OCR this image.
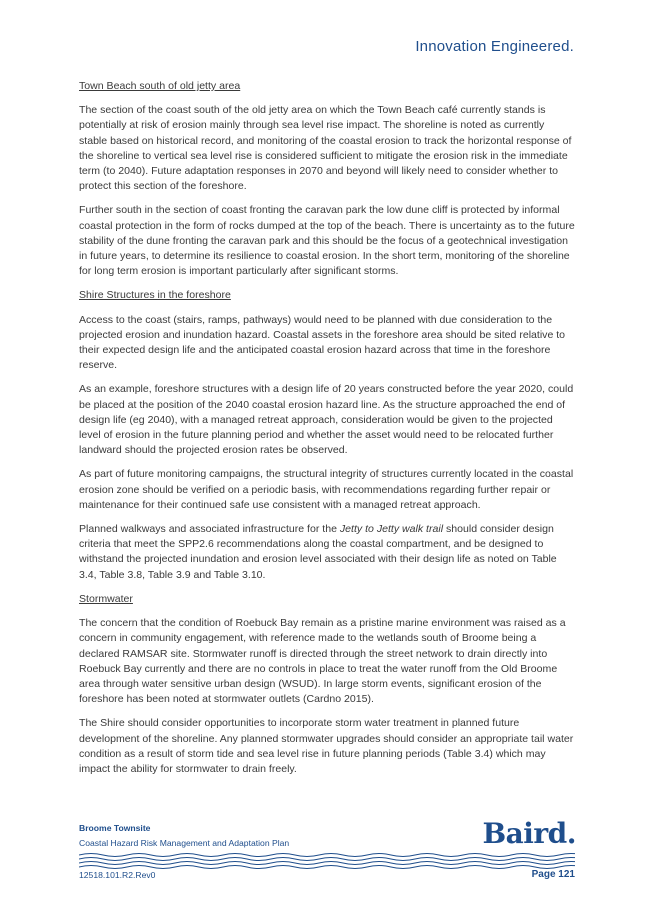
Innovation Engineered.
Town Beach south of old jetty area

The section of the coast south of the old jetty area on which the Town Beach café currently stands is potentially at risk of erosion mainly through sea level rise impact. The shoreline is noted as currently stable based on historical record, and monitoring of the coastal erosion to track the horizontal response of the shoreline to vertical sea level rise is considered sufficient to mitigate the erosion risk in the immediate term (to 2040). Future adaptation responses in 2070 and beyond will likely need to consider whether to protect this section of the foreshore.

Further south in the section of coast fronting the caravan park the low dune cliff is protected by informal coastal protection in the form of rocks dumped at the top of the beach. There is uncertainty as to the future stability of the dune fronting the caravan park and this should be the focus of a geotechnical investigation in future years, to determine its resilience to coastal erosion. In the short term, monitoring of the shoreline for long term erosion is important particularly after significant storms.

Shire Structures in the foreshore

Access to the coast (stairs, ramps, pathways) would need to be planned with due consideration to the projected erosion and inundation hazard. Coastal assets in the foreshore area should be sited relative to their expected design life and the anticipated coastal erosion hazard across that time in the foreshore reserve.

As an example, foreshore structures with a design life of 20 years constructed before the year 2020, could be placed at the position of the 2040 coastal erosion hazard line. As the structure approached the end of design life (eg 2040), with a managed retreat approach, consideration would be given to the projected level of erosion in the future planning period and whether the asset would need to be relocated further landward should the projected erosion rates be observed.

As part of future monitoring campaigns, the structural integrity of structures currently located in the coastal erosion zone should be verified on a periodic basis, with recommendations regarding further repair or maintenance for their continued safe use consistent with a managed retreat approach.

Planned walkways and associated infrastructure for the Jetty to Jetty walk trail should consider design criteria that meet the SPP2.6 recommendations along the coastal compartment, and be designed to withstand the projected inundation and erosion level associated with their design life as noted on Table 3.4, Table 3.8, Table 3.9 and Table 3.10.

Stormwater

The concern that the condition of Roebuck Bay remain as a pristine marine environment was raised as a concern in community engagement, with reference made to the wetlands south of Broome being a declared RAMSAR site. Stormwater runoff is directed through the street network to drain directly into Roebuck Bay currently and there are no controls in place to treat the water runoff from the Old Broome area through water sensitive urban design (WSUD). In large storm events, significant erosion of the foreshore has been noted at stormwater outlets (Cardno 2015).

The Shire should consider opportunities to incorporate storm water treatment in planned future development of the shoreline. Any planned stormwater upgrades should consider an appropriate tail water condition as a result of storm tide and sea level rise in future planning periods (Table 3.4) which may impact the ability for stormwater to drain freely.

Broome Townsite
Coastal Hazard Risk Management and Adaptation Plan	Baird.
12518.101.R2.Rev0	Page 121
